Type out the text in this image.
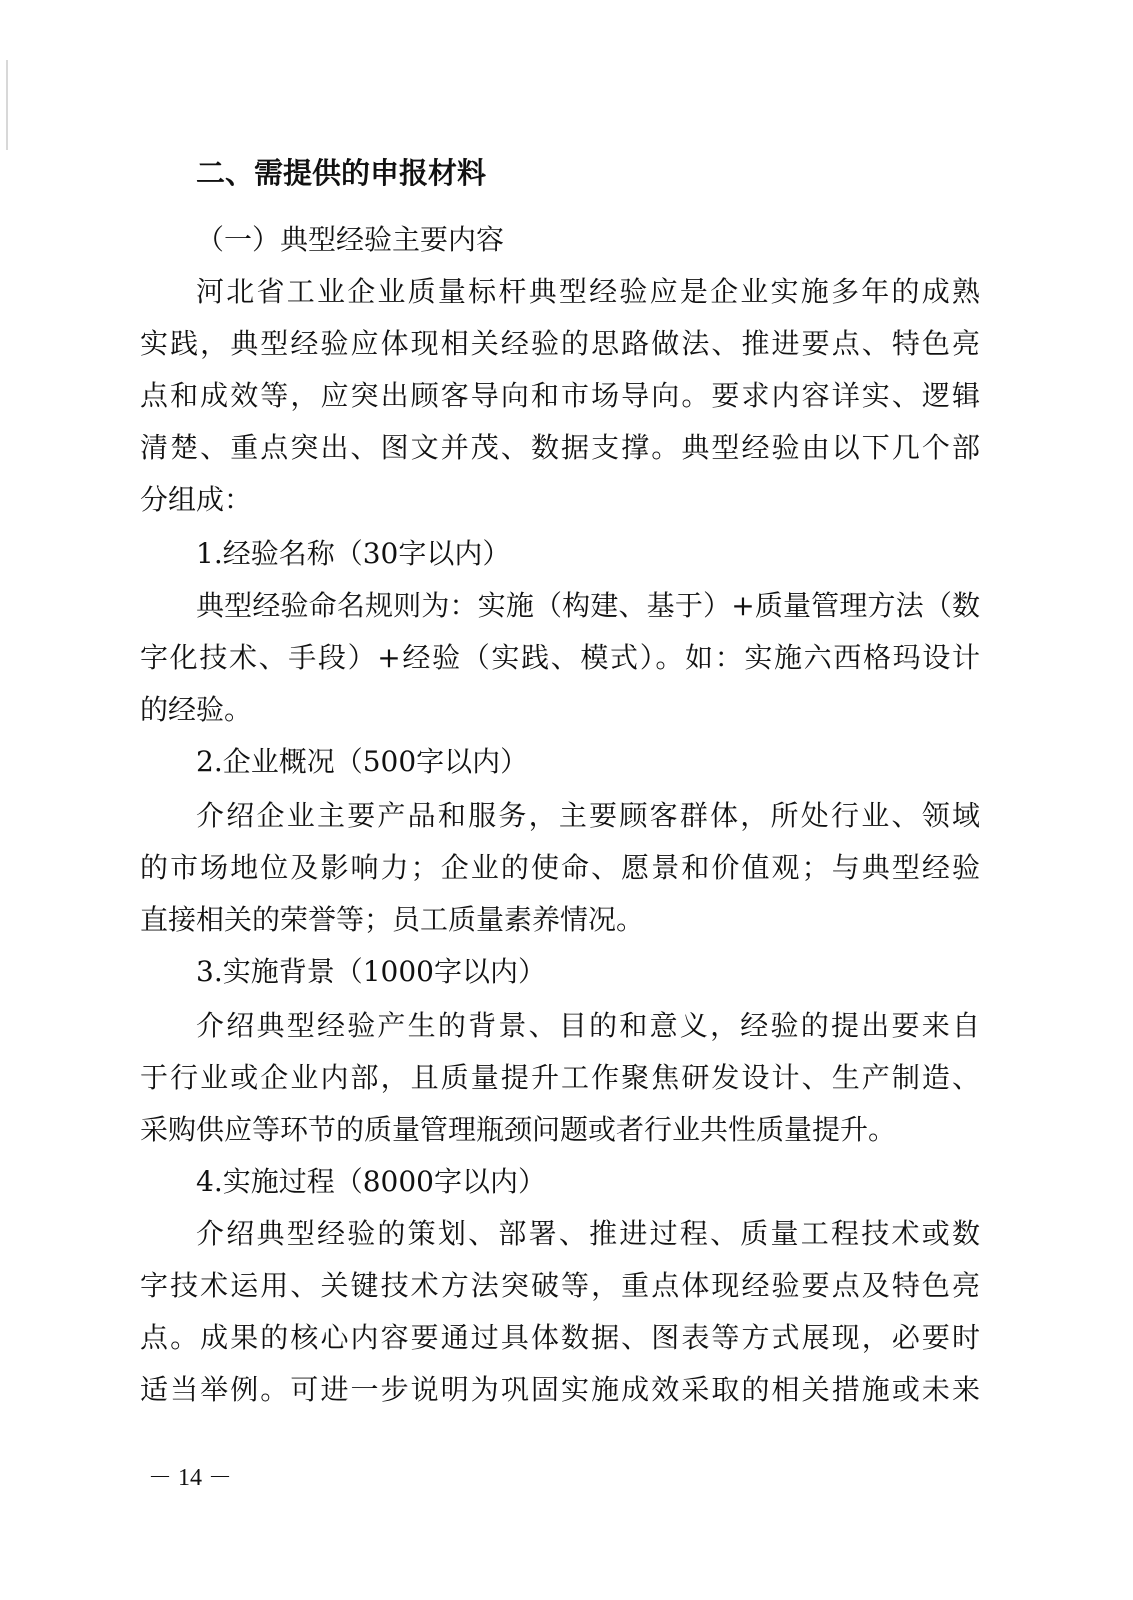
二、需提供的申报材料
（一）典型经验主要内容
河北省工业企业质量标杆典型经验应是企业实施多年的成熟
实践，典型经验应体现相关经验的思路做法、推进要点、特色亮
点和成效等，应突出顾客导向和市场导向。要求内容详实、逻辑
清楚、重点突出、图文并茂、数据支撑。典型经验由以下几个部
分组成：
1.经验名称（30字以内）
典型经验命名规则为：实施（构建、基于）+质量管理方法（数
字化技术、手段）+经验（实践、模式）。如：实施六西格玛设计
的经验。
2.企业概况（500字以内）
介绍企业主要产品和服务，主要顾客群体，所处行业、领域
的市场地位及影响力；企业的使命、愿景和价值观；与典型经验
直接相关的荣誉等；员工质量素养情况。
3.实施背景（1000字以内）
介绍典型经验产生的背景、目的和意义，经验的提出要来自
于行业或企业内部，且质量提升工作聚焦研发设计、生产制造、
采购供应等环节的质量管理瓶颈问题或者行业共性质量提升。
4.实施过程（8000字以内）
介绍典型经验的策划、部署、推进过程、质量工程技术或数
字技术运用、关键技术方法突破等，重点体现经验要点及特色亮
点。成果的核心内容要通过具体数据、图表等方式展现，必要时
适当举例。可进一步说明为巩固实施成效采取的相关措施或未来
－ 14 －
